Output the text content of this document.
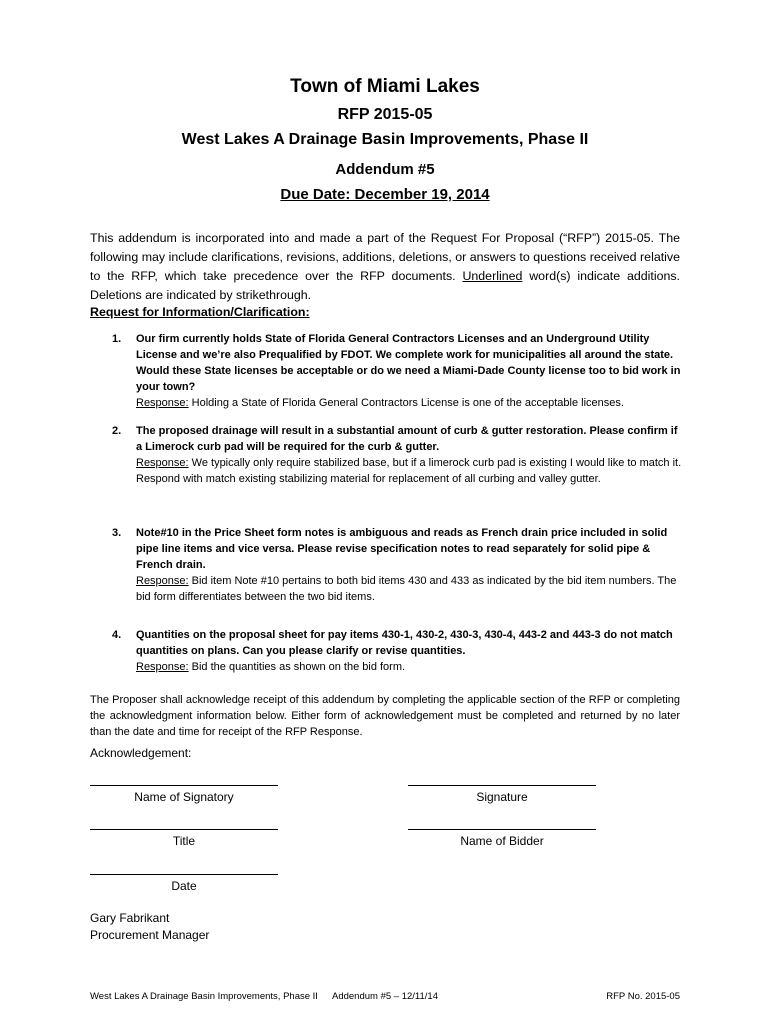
Town of Miami Lakes
RFP 2015-05
West Lakes A Drainage Basin Improvements, Phase II
Addendum #5
Due Date: December 19, 2014
This addendum is incorporated into and made a part of the Request For Proposal (“RFP”) 2015-05. The following may include clarifications, revisions, additions, deletions, or answers to questions received relative to the RFP, which take precedence over the RFP documents. Underlined word(s) indicate additions. Deletions are indicated by strikethrough.
Request for Information/Clarification:
1. Our firm currently holds State of Florida General Contractors Licenses and an Underground Utility License and we’re also Prequalified by FDOT. We complete work for municipalities all around the state. Would these State licenses be acceptable or do we need a Miami-Dade County license too to bid work in your town?
Response: Holding a State of Florida General Contractors License is one of the acceptable licenses.
2. The proposed drainage will result in a substantial amount of curb & gutter restoration. Please confirm if a Limerock curb pad will be required for the curb & gutter.
Response: We typically only require stabilized base, but if a limerock curb pad is existing I would like to match it. Respond with match existing stabilizing material for replacement of all curbing and valley gutter.
3. Note#10 in the Price Sheet form notes is ambiguous and reads as French drain price included in solid pipe line items and vice versa. Please revise specification notes to read separately for solid pipe & French drain.
Response: Bid item Note #10 pertains to both bid items 430 and 433 as indicated by the bid item numbers. The bid form differentiates between the two bid items.
4. Quantities on the proposal sheet for pay items 430-1, 430-2, 430-3, 430-4, 443-2 and 443-3 do not match quantities on plans. Can you please clarify or revise quantities.
Response: Bid the quantities as shown on the bid form.
The Proposer shall acknowledge receipt of this addendum by completing the applicable section of the RFP or completing the acknowledgment information below. Either form of acknowledgement must be completed and returned by no later than the date and time for receipt of the RFP Response.
Acknowledgement:
Name of Signatory	Signature
Title	Name of Bidder
Date
Gary Fabrikant
Procurement Manager
West Lakes A Drainage Basin Improvements, Phase II Addendum #5 – 12/11/14	RFP No. 2015-05
